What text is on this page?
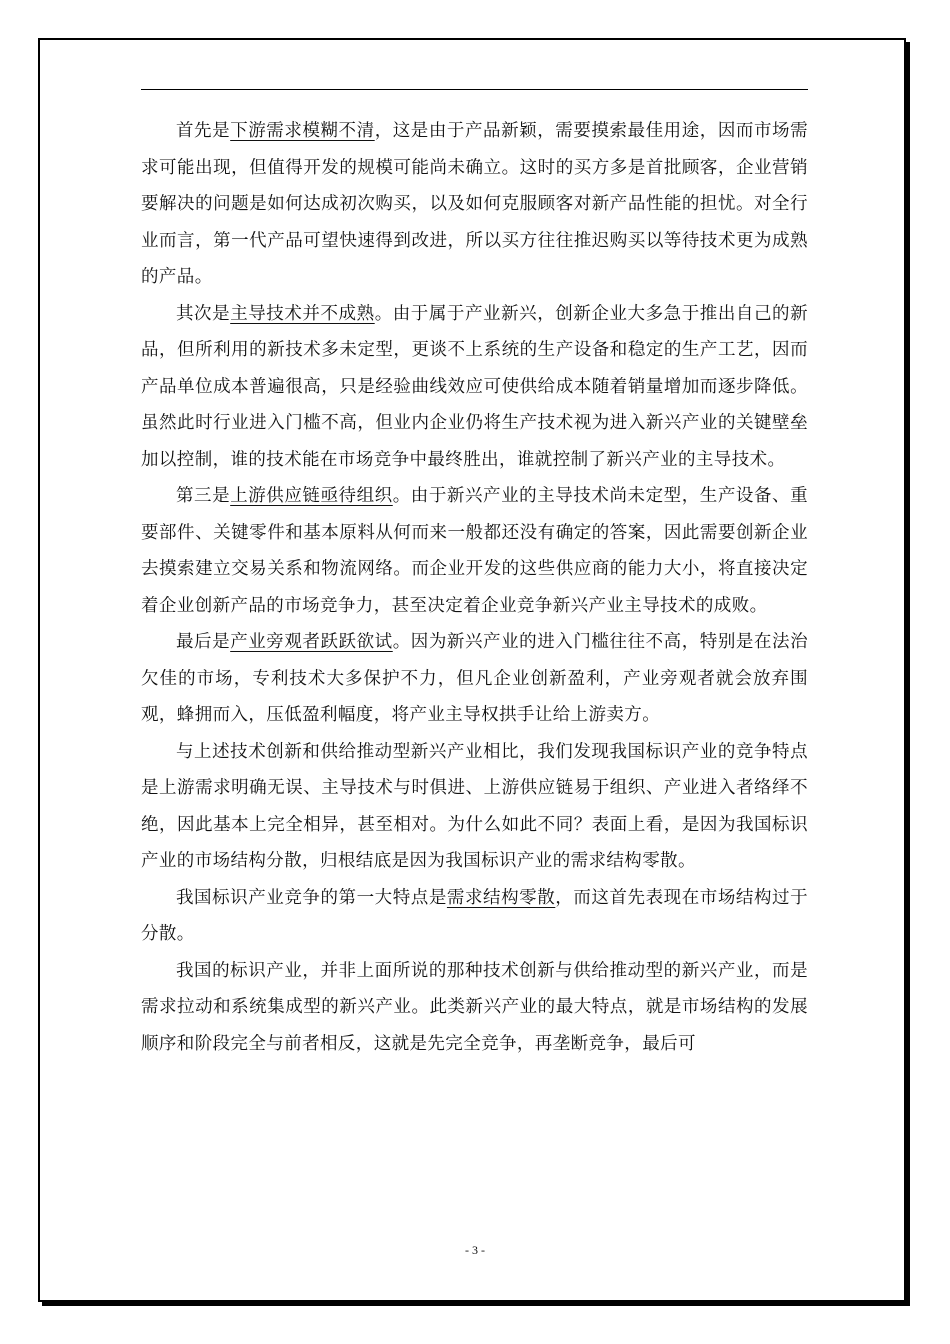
首先是下游需求模糊不清，这是由于产品新颖，需要摸索最佳用途，因而市场需求可能出现，但值得开发的规模可能尚未确立。这时的买方多是首批顾客，企业营销要解决的问题是如何达成初次购买，以及如何克服顾客对新产品性能的担忧。对全行业而言，第一代产品可望快速得到改进，所以买方往往推迟购买以等待技术更为成熟的产品。

其次是主导技术并不成熟。由于属于产业新兴，创新企业大多急于推出自己的新品，但所利用的新技术多未定型，更谈不上系统的生产设备和稳定的生产工艺，因而产品单位成本普遍很高，只是经验曲线效应可使供给成本随着销量增加而逐步降低。虽然此时行业进入门槛不高，但业内企业仍将生产技术视为进入新兴产业的关键壁垒加以控制，谁的技术能在市场竞争中最终胜出，谁就控制了新兴产业的主导技术。

第三是上游供应链亟待组织。由于新兴产业的主导技术尚未定型，生产设备、重要部件、关键零件和基本原料从何而来一般都还没有确定的答案，因此需要创新企业去摸索建立交易关系和物流网络。而企业开发的这些供应商的能力大小，将直接决定着企业创新产品的市场竞争力，甚至决定着企业竞争新兴产业主导技术的成败。

最后是产业旁观者跃跃欲试。因为新兴产业的进入门槛往往不高，特别是在法治欠佳的市场，专利技术大多保护不力，但凡企业创新盈利，产业旁观者就会放弃围观，蜂拥而入，压低盈利幅度，将产业主导权拱手让给上游卖方。

与上述技术创新和供给推动型新兴产业相比，我们发现我国标识产业的竞争特点是上游需求明确无误、主导技术与时俱进、上游供应链易于组织、产业进入者络绎不绝，因此基本上完全相异，甚至相对。为什么如此不同？表面上看，是因为我国标识产业的市场结构分散，归根结底是因为我国标识产业的需求结构零散。

我国标识产业竞争的第一大特点是需求结构零散，而这首先表现在市场结构过于分散。

我国的标识产业，并非上面所说的那种技术创新与供给推动型的新兴产业，而是需求拉动和系统集成型的新兴产业。此类新兴产业的最大特点，就是市场结构的发展顺序和阶段完全与前者相反，这就是先完全竞争，再垄断竞争，最后可

- 3 -
